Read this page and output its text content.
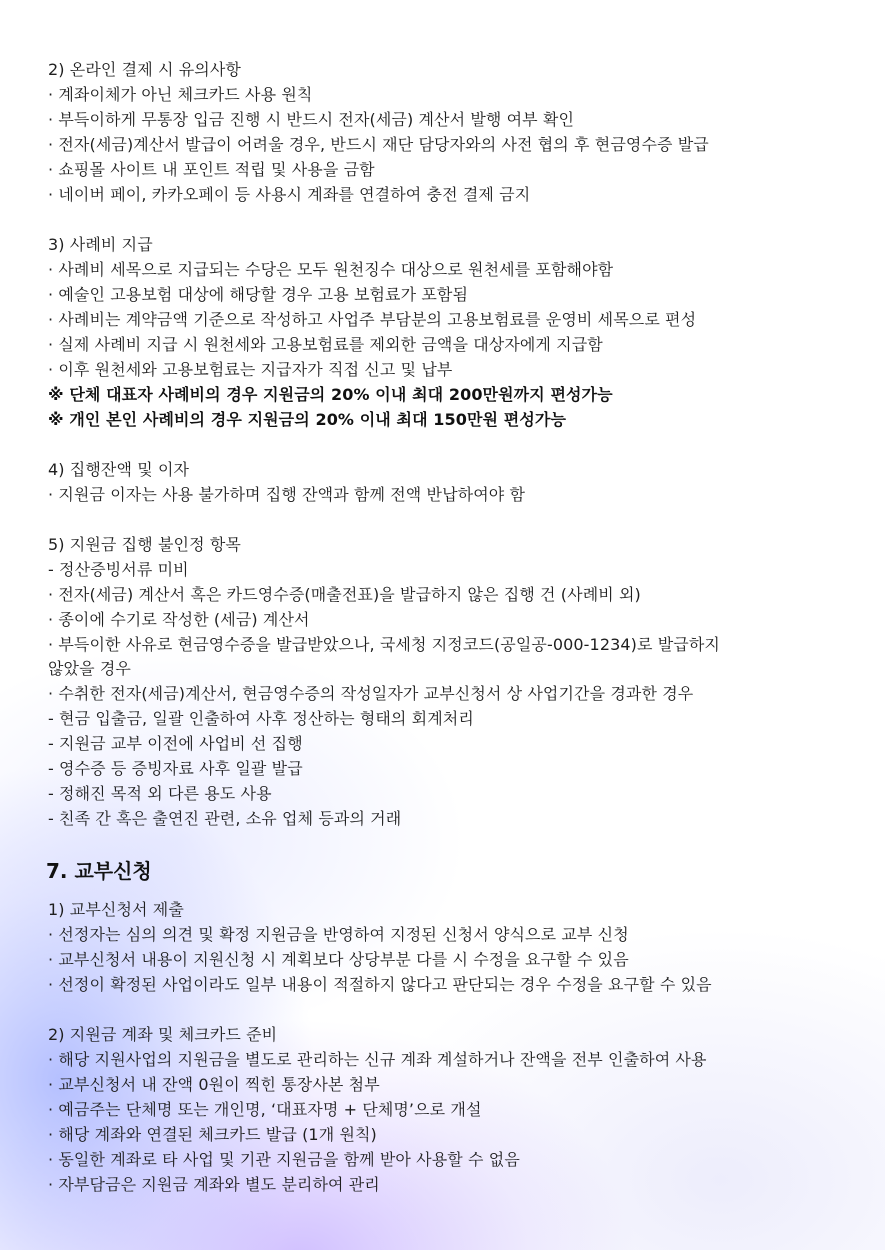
2) 온라인 결제 시 유의사항
· 계좌이체가 아닌 체크카드 사용 원칙
· 부득이하게 무통장 입금 진행 시 반드시 전자(세금) 계산서 발행 여부 확인
· 전자(세금)계산서 발급이 어려울 경우, 반드시 재단 담당자와의 사전 협의 후 현금영수증 발급
· 쇼핑몰 사이트 내 포인트 적립 및 사용을 금함
· 네이버 페이, 카카오페이 등 사용시 계좌를 연결하여 충전 결제 금지
3) 사례비 지급
· 사례비 세목으로 지급되는 수당은 모두 원천징수 대상으로 원천세를 포함해야함
· 예술인 고용보험 대상에 해당할 경우 고용 보험료가 포함됨
· 사례비는 계약금액 기준으로 작성하고 사업주 부담분의 고용보험료를 운영비 세목으로 편성
· 실제 사례비 지급 시 원천세와 고용보험료를 제외한 금액을 대상자에게 지급함
· 이후 원천세와 고용보험료는 지급자가 직접 신고 및 납부
※ 단체 대표자 사례비의 경우 지원금의 20% 이내 최대 200만원까지 편성가능
※ 개인 본인 사례비의 경우 지원금의 20% 이내 최대 150만원 편성가능
4) 집행잔액 및 이자
· 지원금 이자는 사용 불가하며 집행 잔액과 함께 전액 반납하여야 함
5) 지원금 집행 불인정 항목
- 정산증빙서류 미비
· 전자(세금) 계산서 혹은 카드영수증(매출전표)을 발급하지 않은 집행 건 (사례비 외)
· 종이에 수기로 작성한 (세금) 계산서
· 부득이한 사유로 현금영수증을 발급받았으나, 국세청 지정코드(공일공-000-1234)로 발급하지
않았을 경우
· 수취한 전자(세금)계산서, 현금영수증의 작성일자가 교부신청서 상 사업기간을 경과한 경우
- 현금 입출금, 일괄 인출하여 사후 정산하는 형태의 회계처리
- 지원금 교부 이전에 사업비 선 집행
- 영수증 등 증빙자료 사후 일괄 발급
- 정해진 목적 외 다른 용도 사용
- 친족 간 혹은 출연진 관련, 소유 업체 등과의 거래
7. 교부신청
1) 교부신청서 제출
· 선정자는 심의 의견 및 확정 지원금을 반영하여 지정된 신청서 양식으로 교부 신청
· 교부신청서 내용이 지원신청 시 계획보다 상당부분 다를 시 수정을 요구할 수 있음
· 선정이 확정된 사업이라도 일부 내용이 적절하지 않다고 판단되는 경우 수정을 요구할 수 있음
2) 지원금 계좌 및 체크카드 준비
· 해당 지원사업의 지원금을 별도로 관리하는 신규 계좌 계설하거나 잔액을 전부 인출하여 사용
· 교부신청서 내 잔액 0원이 찍힌 통장사본 첨부
· 예금주는 단체명 또는 개인명, ‘대표자명 + 단체명’으로 개설
· 해당 계좌와 연결된 체크카드 발급 (1개 원칙)
· 동일한 계좌로 타 사업 및 기관 지원금을 함께 받아 사용할 수 없음
· 자부담금은 지원금 계좌와 별도 분리하여 관리
